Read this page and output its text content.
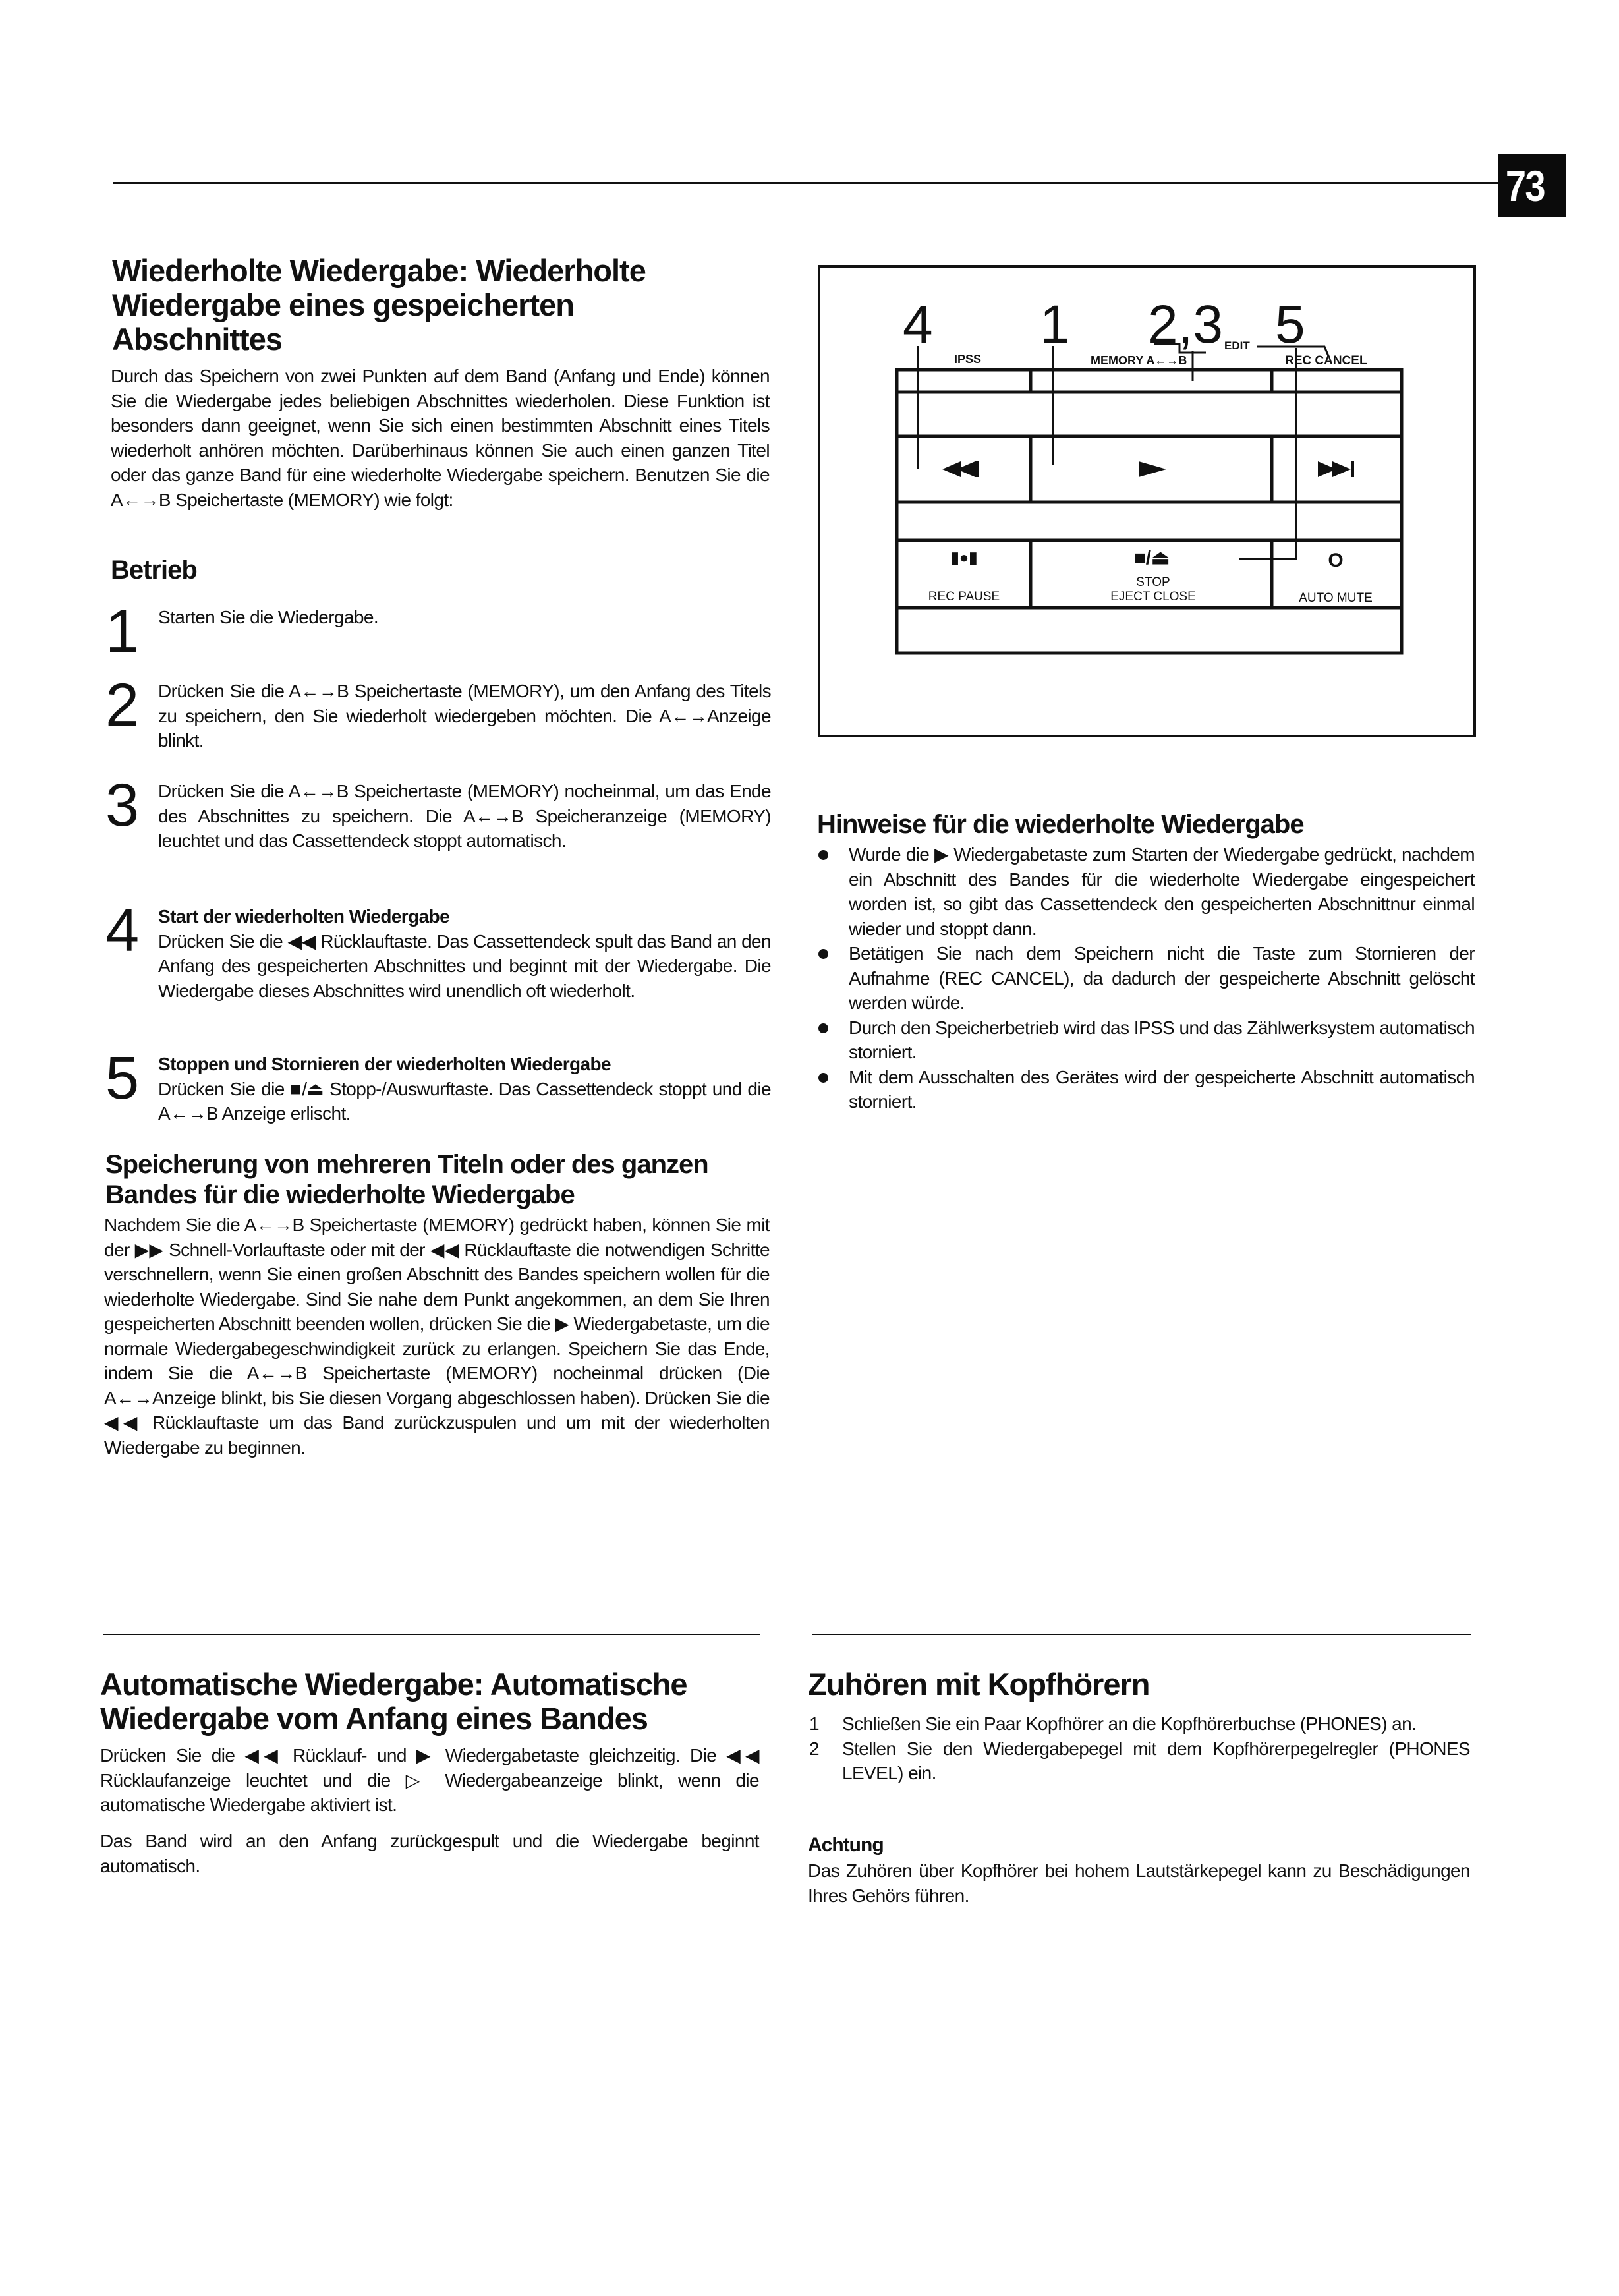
73
Wiederholte Wiedergabe: Wiederholte Wiedergabe eines gespeicherten Abschnittes

Durch das Speichern von zwei Punkten auf dem Band (Anfang und Ende) können Sie die Wiedergabe jedes beliebigen Abschnittes wiederholen. Diese Funktion ist besonders dann geeignet, wenn Sie sich einen bestimmten Abschnitt eines Titels wiederholt anhören möchten. Darüberhinaus können Sie auch einen ganzen Titel oder das ganze Band für eine wiederholte Wiedergabe speichern. Benutzen Sie die A←→B Speichertaste (MEMORY) wie folgt:

Betrieb
1 Starten Sie die Wiedergabe.

2 Drücken Sie die A←→B Speichertaste (MEMORY), um den Anfang des Titels zu speichern, den Sie wiederholt wiedergeben möchten. Die A←→Anzeige blinkt.

3 Drücken Sie die A←→B Speichertaste (MEMORY) nocheinmal, um das Ende des Abschnittes zu speichern. Die A←→B Speicheranzeige (MEMORY) leuchtet und das Cassettendeck stoppt automatisch.

4 Start der wiederholten Wiedergabe

Drücken Sie die ◀◀ Rücklauftaste. Das Cassettendeck spult das Band an den Anfang des gespeicherten Abschnittes und beginnt mit der Wiedergabe. Die Wiedergabe dieses Abschnittes wird unendlich oft wiederholt.

5 Stoppen und Stornieren der wiederholten Wiedergabe

Drücken Sie die ■/⏏ Stopp-/Auswurftaste. Das Cassettendeck stoppt und die A←→B Anzeige erlischt.

Speicherung von mehreren Titeln oder des ganzen Bandes für die wiederholte Wiedergabe

Nachdem Sie die A←→B Speichertaste (MEMORY) gedrückt haben, können Sie mit der ▶▶ Schnell-Vorlauftaste oder mit der ◀◀ Rücklauftaste die notwendigen Schritte verschnellern, wenn Sie einen großen Abschnitt des Bandes speichern wollen für die wiederholte Wiedergabe. Sind Sie nahe dem Punkt angekommen, an dem Sie Ihren gespeicherten Abschnitt beenden wollen, drücken Sie die ▶ Wiedergabetaste, um die normale Wiedergabegeschwindigkeit zurück zu erlangen. Speichern Sie das Ende, indem Sie die A←→B Speichertaste (MEMORY) nocheinmal drücken (Die A←→Anzeige blinkt, bis Sie diesen Vorgang abgeschlossen haben). Drücken Sie die ◀◀ Rücklauftaste um das Band zurückzuspulen und um mit der wiederholten Wiedergabe zu beginnen.

4 1 2,3 5
EDIT
IPSS	MEMORY A←→B	REC CANCEL
▮●▮	■/⏏	O
REC PAUSE
STOP
EJECT CLOSE	AUTO MUTE
Hinweise für die wiederholte Wiedergabe
Wurde die ▶ Wiedergabetaste zum Starten der Wiedergabe gedrückt, nachdem ein Abschnitt des Bandes für die wiederholte Wiedergabe eingespeichert worden ist, so gibt das Cassettendeck den gespeicherten Abschnittnur einmal wieder und stoppt dann.
Betätigen Sie nach dem Speichern nicht die Taste zum Stornieren der Aufnahme (REC CANCEL), da dadurch der gespeicherte Abschnitt gelöscht werden würde.
Durch den Speicherbetrieb wird das IPSS und das Zählwerksystem automatisch storniert.
Mit dem Ausschalten des Gerätes wird der gespeicherte Abschnitt automatisch storniert.
Automatische Wiedergabe: Automatische Wiedergabe vom Anfang eines Bandes

Drücken Sie die ◀◀ Rücklauf- und ▶ Wiedergabetaste gleichzeitig. Die ◀◀ Rücklaufanzeige leuchtet und die ▷ Wiedergabeanzeige blinkt, wenn die automatische Wiedergabe aktiviert ist.

Das Band wird an den Anfang zurückgespult und die Wiedergabe beginnt automatisch.

Zuhören mit Kopfhörern
1 Schließen Sie ein Paar Kopfhörer an die Kopfhörerbuchse (PHONES) an.
2 Stellen Sie den Wiedergabepegel mit dem Kopfhörerpegelregler (PHONES LEVEL) ein.
Achtung

Das Zuhören über Kopfhörer bei hohem Lautstärkepegel kann zu Beschädigungen Ihres Gehörs führen.
